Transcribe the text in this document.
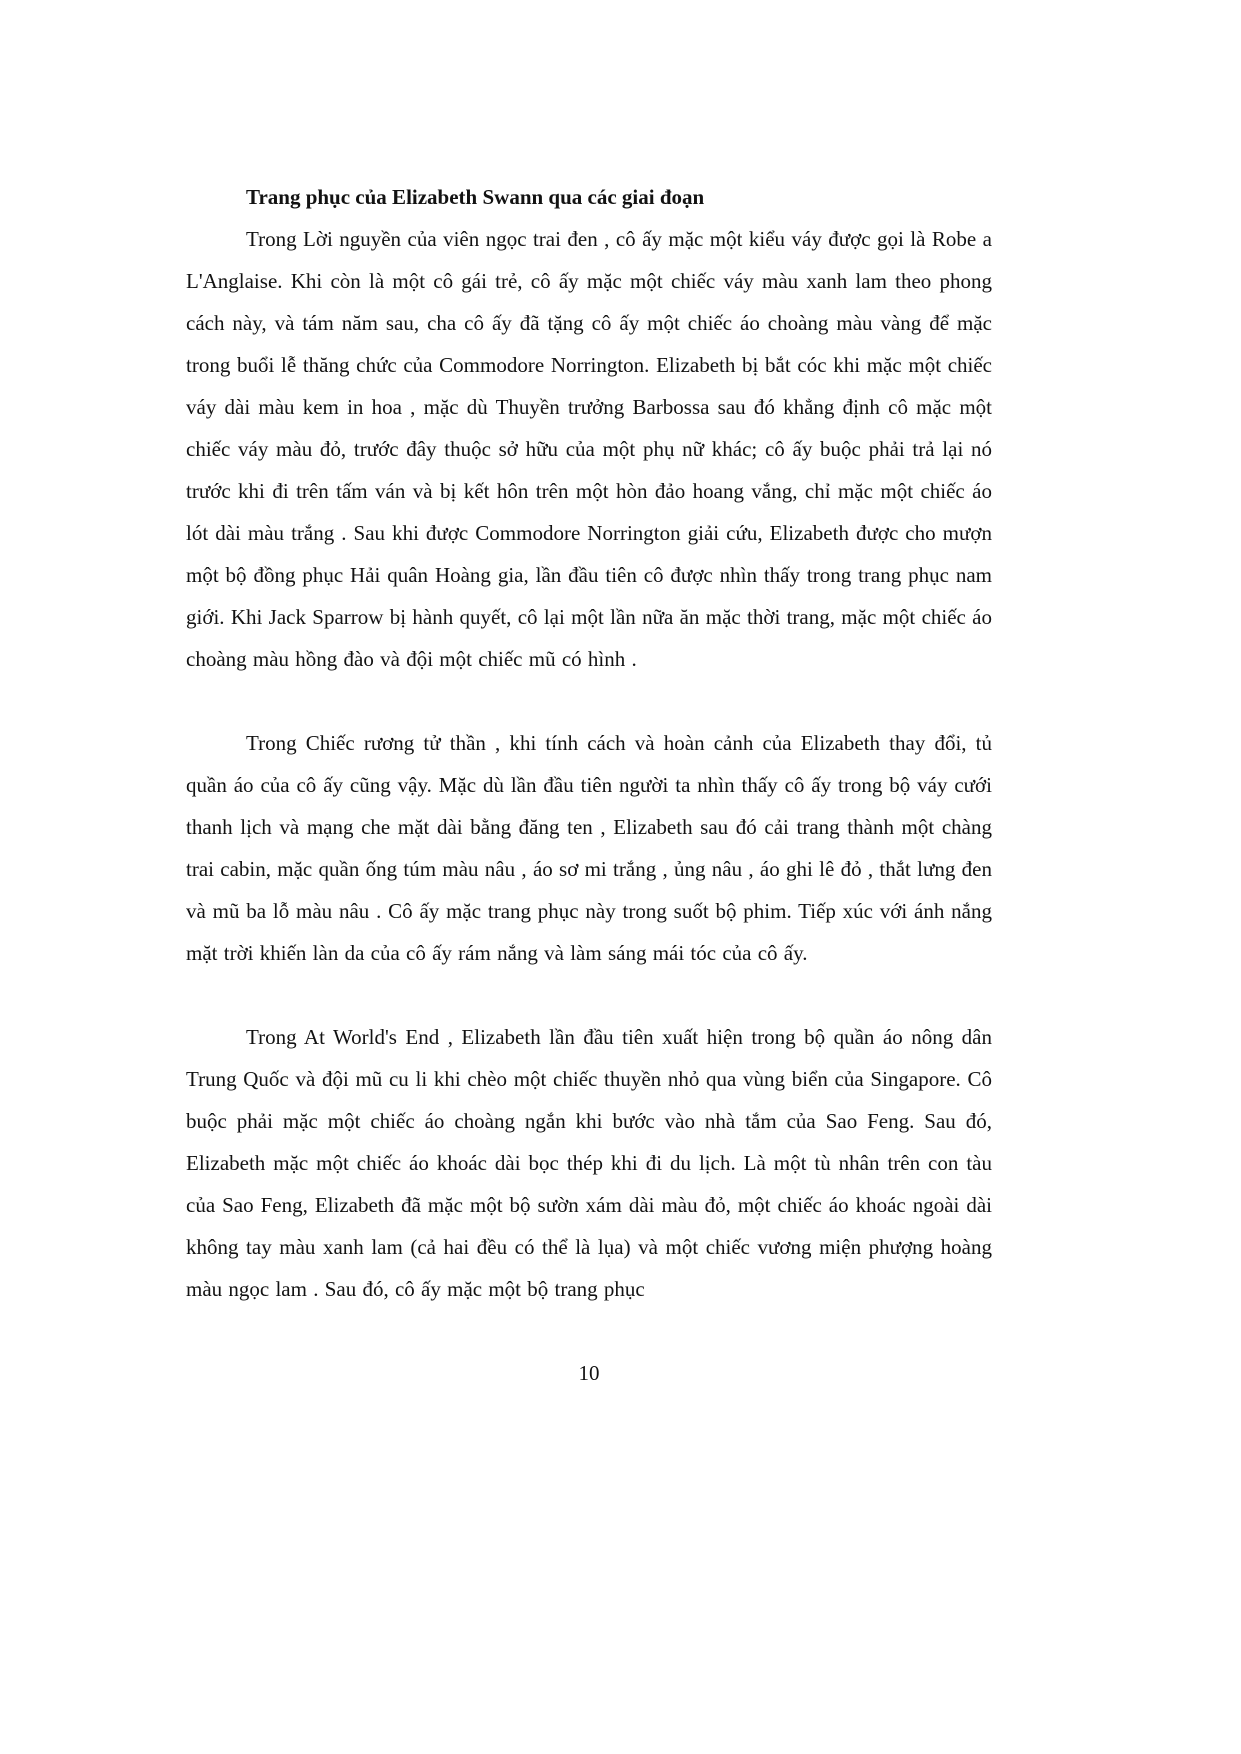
Trang phục của Elizabeth Swann qua các giai đoạn

Trong Lời nguyền của viên ngọc trai đen , cô ấy mặc một kiểu váy được gọi là Robe a L'Anglaise. Khi còn là một cô gái trẻ, cô ấy mặc một chiếc váy màu xanh lam theo phong cách này, và tám năm sau, cha cô ấy đã tặng cô ấy một chiếc áo choàng màu vàng để mặc trong buổi lễ thăng chức của Commodore Norrington. Elizabeth bị bắt cóc khi mặc một chiếc váy dài màu kem in hoa , mặc dù Thuyền trưởng Barbossa sau đó khẳng định cô mặc một chiếc váy màu đỏ, trước đây thuộc sở hữu của một phụ nữ khác; cô ấy buộc phải trả lại nó trước khi đi trên tấm ván và bị kết hôn trên một hòn đảo hoang vắng, chỉ mặc một chiếc áo lót dài màu trắng . Sau khi được Commodore Norrington giải cứu, Elizabeth được cho mượn một bộ đồng phục Hải quân Hoàng gia, lần đầu tiên cô được nhìn thấy trong trang phục nam giới. Khi Jack Sparrow bị hành quyết, cô lại một lần nữa ăn mặc thời trang, mặc một chiếc áo choàng màu hồng đào và đội một chiếc mũ có hình .

Trong Chiếc rương tử thần , khi tính cách và hoàn cảnh của Elizabeth thay đổi, tủ quần áo của cô ấy cũng vậy. Mặc dù lần đầu tiên người ta nhìn thấy cô ấy trong bộ váy cưới thanh lịch và mạng che mặt dài bằng đăng ten , Elizabeth sau đó cải trang thành một chàng trai cabin, mặc quần ống túm màu nâu , áo sơ mi trắng , ủng nâu , áo ghi lê đỏ , thắt lưng đen và mũ ba lỗ màu nâu . Cô ấy mặc trang phục này trong suốt bộ phim. Tiếp xúc với ánh nắng mặt trời khiến làn da của cô ấy rám nắng và làm sáng mái tóc của cô ấy.

Trong At World's End , Elizabeth lần đầu tiên xuất hiện trong bộ quần áo nông dân Trung Quốc và đội mũ cu li khi chèo một chiếc thuyền nhỏ qua vùng biển của Singapore. Cô buộc phải mặc một chiếc áo choàng ngắn khi bước vào nhà tắm của Sao Feng. Sau đó, Elizabeth mặc một chiếc áo khoác dài bọc thép khi đi du lịch. Là một tù nhân trên con tàu của Sao Feng, Elizabeth đã mặc một bộ sườn xám dài màu đỏ, một chiếc áo khoác ngoài dài không tay màu xanh lam (cả hai đều có thể là lụa) và một chiếc vương miện phượng hoàng màu ngọc lam . Sau đó, cô ấy mặc một bộ trang phục

10
